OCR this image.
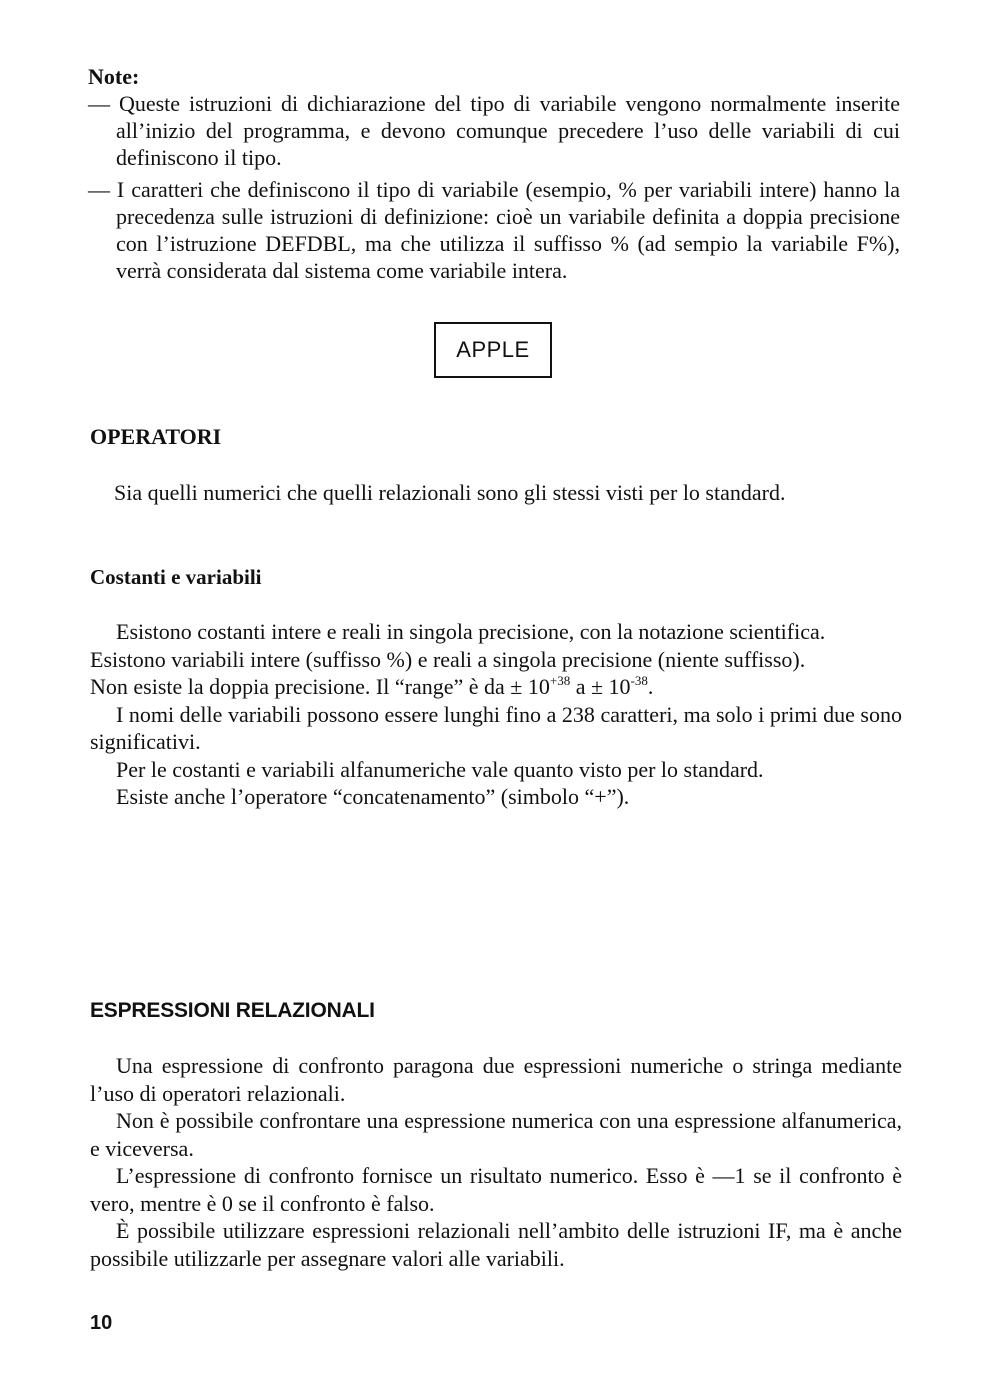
Note:
— Queste istruzioni di dichiarazione del tipo di variabile vengono normalmente inserite all’inizio del programma, e devono comunque precedere l’uso delle variabili di cui definiscono il tipo.
— I caratteri che definiscono il tipo di variabile (esempio, % per variabili intere) hanno la precedenza sulle istruzioni di definizione: cioè un variabile definita a doppia precisione con l’istruzione DEFDBL, ma che utilizza il suffisso % (ad sempio la variabile F%), verrà considerata dal sistema come variabile intera.
APPLE
OPERATORI

Sia quelli numerici che quelli relazionali sono gli stessi visti per lo standard.

Costanti e variabili

Esistono costanti intere e reali in singola precisione, con la notazione scientifica.

Esistono variabili intere (suffisso %) e reali a singola precisione (niente suffisso).

Non esiste la doppia precisione. Il “range” è da ± $10^{+38}$ $a \pm 10^{-38}$.

I nomi delle variabili possono essere lunghi fino a 238 caratteri, ma solo i primi due sono significativi.

Per le costanti e variabili alfanumeriche vale quanto visto per lo standard.

Esiste anche l’operatore “concatenamento” (simbolo “+”).

ESPRESSIONI RELAZIONALI

Una espressione di confronto paragona due espressioni numeriche o stringa mediante l’uso di operatori relazionali.

Non è possibile confrontare una espressione numerica con una espressione alfanumerica, e viceversa.

L’espressione di confronto fornisce un risultato numerico. Esso è —1 se il confronto è vero, mentre è 0 se il confronto è falso.

È possibile utilizzare espressioni relazionali nell’ambito delle istruzioni IF, ma è anche possibile utilizzarle per assegnare valori alle variabili.

10
